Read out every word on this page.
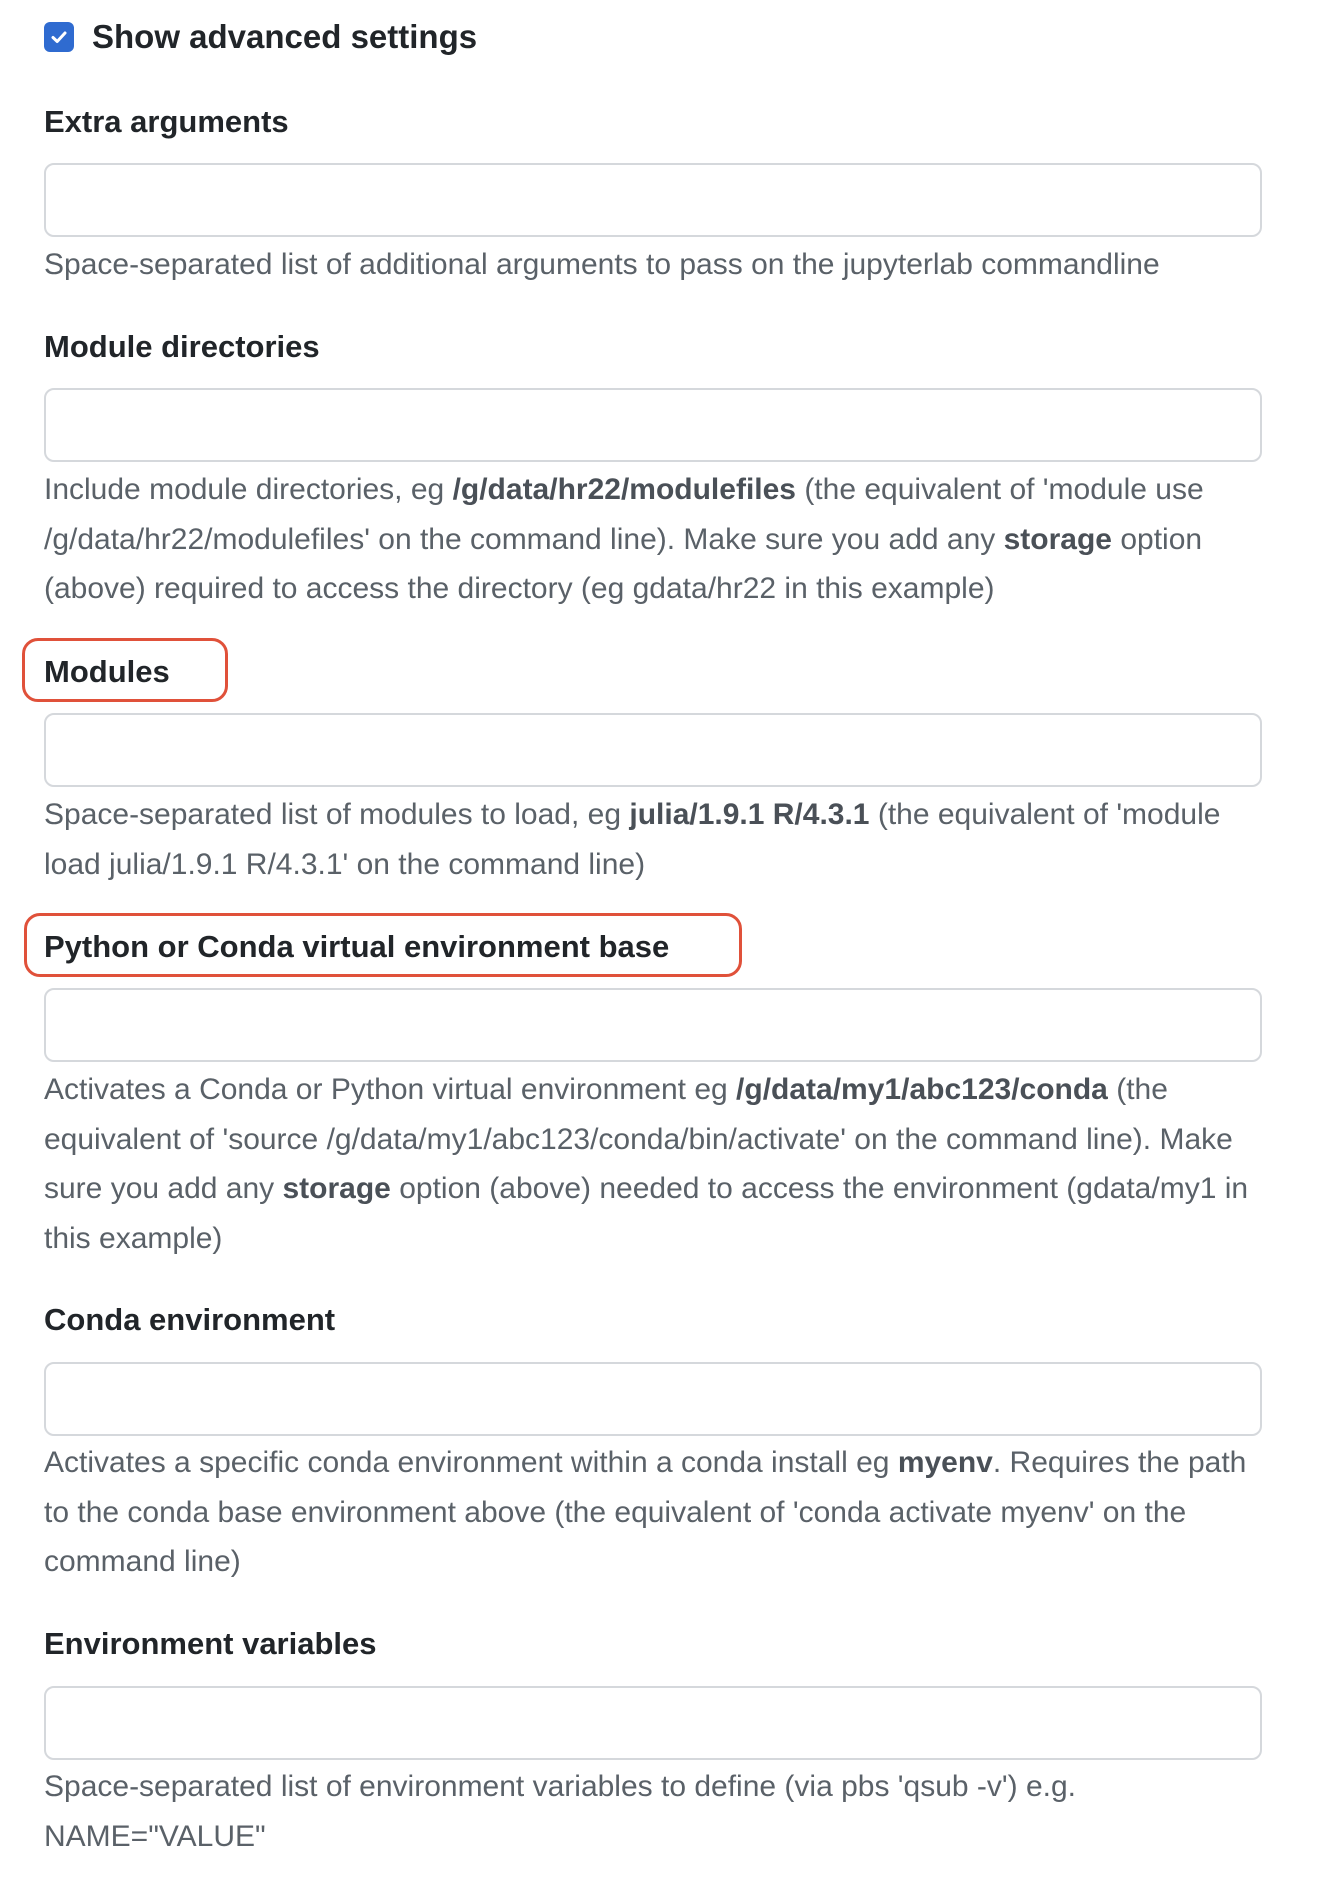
Show advanced settings
Extra arguments
Space-separated list of additional arguments to pass on the jupyterlab commandline
Module directories
Include module directories, eg /g/data/hr22/modulefiles (the equivalent of 'module use /g/data/hr22/modulefiles' on the command line). Make sure you add any storage option (above) required to access the directory (eg gdata/hr22 in this example)
Modules
Space-separated list of modules to load, eg julia/1.9.1 R/4.3.1 (the equivalent of 'module load julia/1.9.1 R/4.3.1' on the command line)
Python or Conda virtual environment base
Activates a Conda or Python virtual environment eg /g/data/my1/abc123/conda (the equivalent of 'source /g/data/my1/abc123/conda/bin/activate' on the command line). Make sure you add any storage option (above) needed to access the environment (gdata/my1 in this example)
Conda environment
Activates a specific conda environment within a conda install eg myenv. Requires the path to the conda base environment above (the equivalent of 'conda activate myenv' on the command line)
Environment variables
Space-separated list of environment variables to define (via pbs 'qsub -v') e.g. NAME="VALUE"
